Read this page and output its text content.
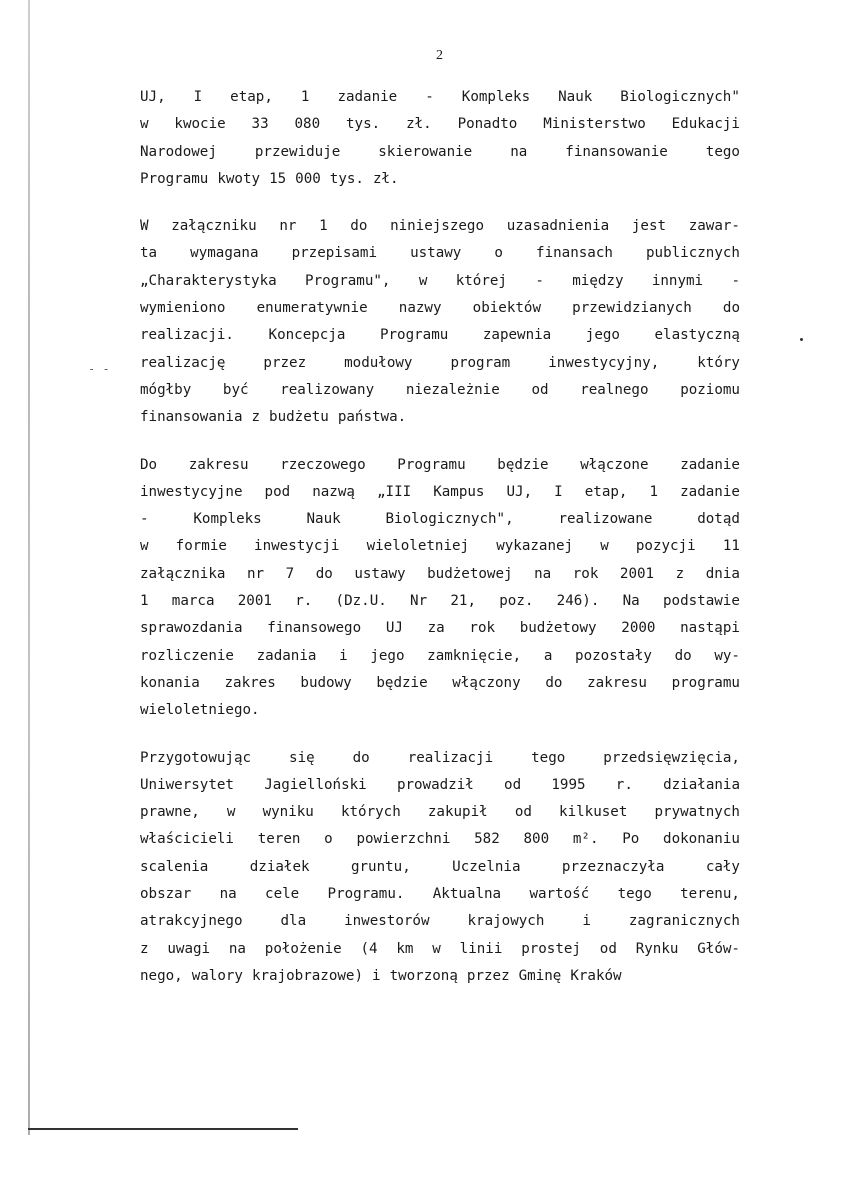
2
- -
UJ, I etap, 1 zadanie - Kompleks Nauk Biologicznych"
w kwocie 33 080 tys. zł. Ponadto Ministerstwo Edukacji
Narodowej	przewiduje	skierowanie	na	finansowanie	tego
Programu kwoty 15 000 tys. zł.
W załączniku nr 1 do niniejszego uzasadnienia jest zawar-
ta wymagana przepisami ustawy o finansach publicznych
„Charakterystyka Programu", w której - między innymi -
wymieniono enumeratywnie nazwy obiektów przewidzianych do
realizacji. Koncepcja Programu zapewnia jego elastyczną
realizację	przez	modułowy	program	inwestycyjny,	który
mógłby być realizowany niezależnie od realnego poziomu
finansowania z budżetu państwa.
Do zakresu rzeczowego Programu będzie włączone zadanie
inwestycyjne pod nazwą „III Kampus UJ, I etap, 1 zadanie
-	Kompleks	Nauk	Biologicznych",	realizowane	dotąd
w formie inwestycji wieloletniej wykazanej w pozycji 11
załącznika nr 7 do ustawy budżetowej na rok 2001 z dnia
1 marca 2001 r. (Dz.U. Nr 21, poz. 246). Na podstawie
sprawozdania finansowego UJ za rok budżetowy 2000 nastąpi
rozliczenie zadania i jego zamknięcie, a pozostały do wy-
konania zakres budowy będzie włączony do zakresu programu
wieloletniego.
Przygotowując	się	do	realizacji	tego	przedsięwzięcia,
Uniwersytet Jagielloński prowadził od 1995 r. działania
prawne, w wyniku których zakupił od kilkuset prywatnych
właścicieli teren o powierzchni 582 800 m². Po dokonaniu
scalenia	działek	gruntu,	Uczelnia	przeznaczyła	cały
obszar na cele Programu. Aktualna wartość tego terenu,
atrakcyjnego	dla	inwestorów	krajowych	i	zagranicznych
z uwagi na położenie (4 km w linii prostej od Rynku Głów-
nego, walory krajobrazowe) i tworzoną przez Gminę Kraków
